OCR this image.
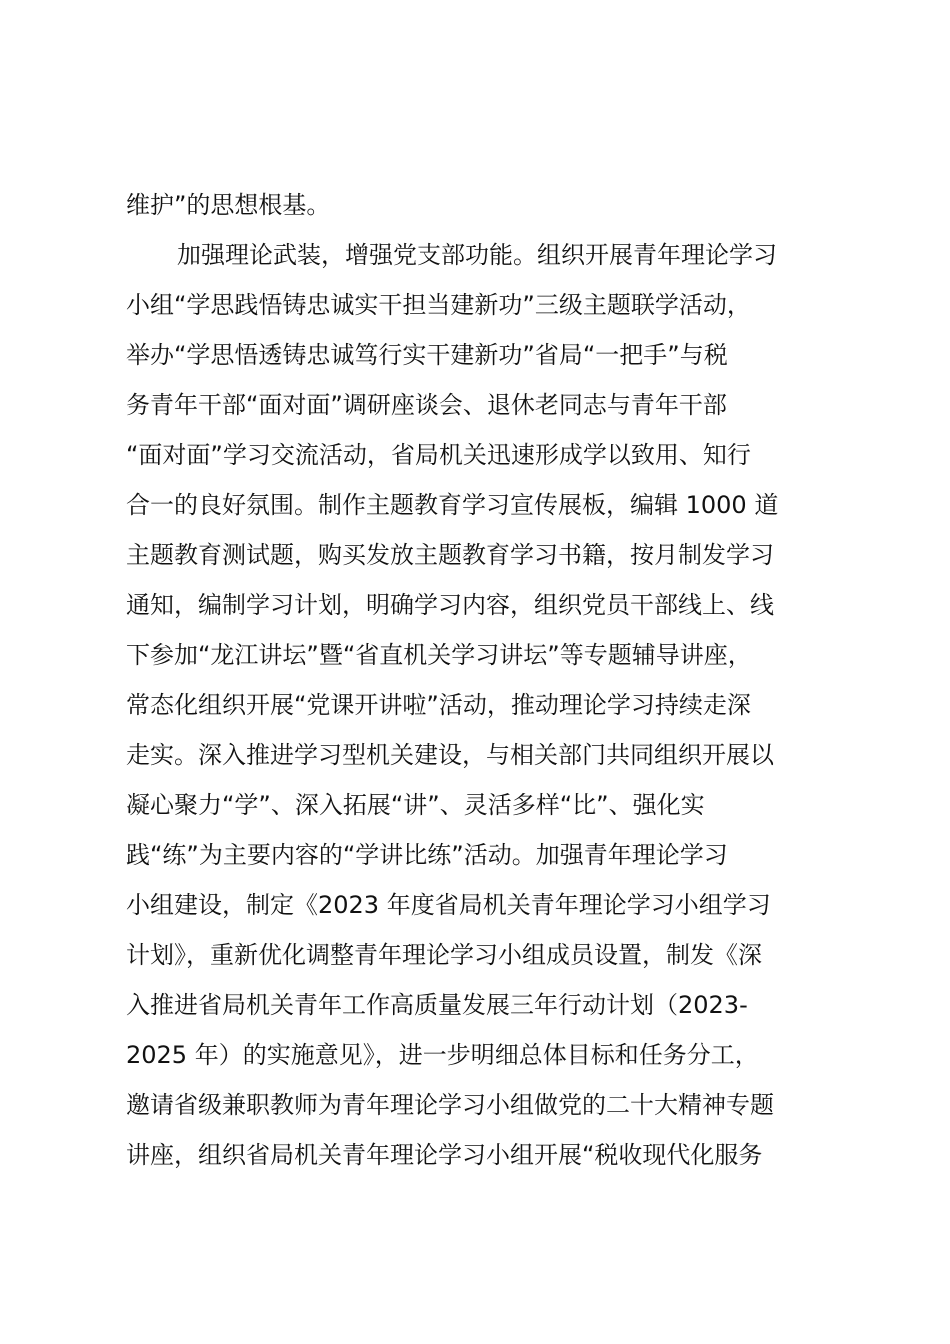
维护”的思想根基。
加强理论武装，增强党支部功能。组织开展青年理论学习
小组“学思践悟铸忠诚实干担当建新功”三级主题联学活动，
举办“学思悟透铸忠诚笃行实干建新功”省局“一把手”与税
务青年干部“面对面”调研座谈会、退休老同志与青年干部
“面对面”学习交流活动，省局机关迅速形成学以致用、知行
合一的良好氛围。制作主题教育学习宣传展板，编辑 1000 道
主题教育测试题，购买发放主题教育学习书籍，按月制发学习
通知，编制学习计划，明确学习内容，组织党员干部线上、线
下参加“龙江讲坛”暨“省直机关学习讲坛”等专题辅导讲座，
常态化组织开展“党课开讲啦”活动，推动理论学习持续走深
走实。深入推进学习型机关建设，与相关部门共同组织开展以
凝心聚力“学”、深入拓展“讲”、灵活多样“比”、强化实
践“练”为主要内容的“学讲比练”活动。加强青年理论学习
小组建设，制定《2023 年度省局机关青年理论学习小组学习
计划》，重新优化调整青年理论学习小组成员设置，制发《深
入推进省局机关青年工作高质量发展三年行动计划（2023-
2025 年）的实施意见》，进一步明细总体目标和任务分工，
邀请省级兼职教师为青年理论学习小组做党的二十大精神专题
讲座，组织省局机关青年理论学习小组开展“税收现代化服务
